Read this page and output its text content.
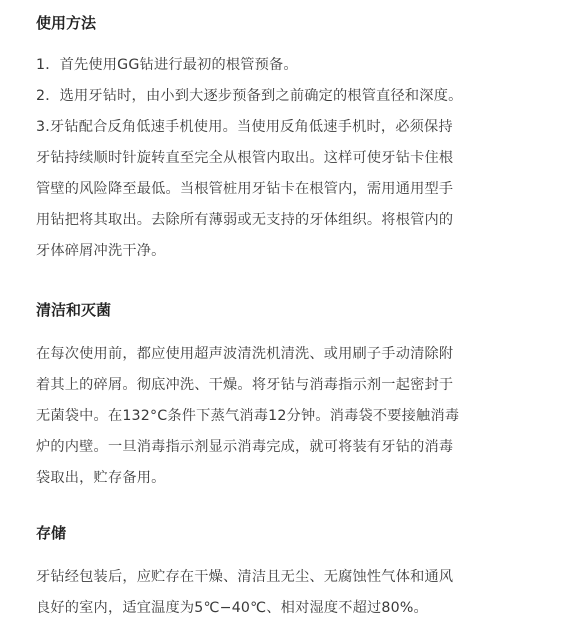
使用方法

1．首先使用GG钻进行最初的根管预备。

2．选用牙钻时，由小到大逐步预备到之前确定的根管直径和深度。

3.牙钻配合反角低速手机使用。当使用反角低速手机时，必须保持

牙钻持续顺时针旋转直至完全从根管内取出。这样可使牙钻卡住根

管壁的风险降至最低。当根管桩用牙钻卡在根管内，需用通用型手

用钻把将其取出。去除所有薄弱或无支持的牙体组织。将根管内的

牙体碎屑冲洗干净。

清洁和灭菌

在每次使用前，都应使用超声波清洗机清洗、或用刷子手动清除附

着其上的碎屑。彻底冲洗、干燥。将牙钻与消毒指示剂一起密封于

无菌袋中。在132°C条件下蒸气消毒12分钟。消毒袋不要接触消毒

炉的内壁。一旦消毒指示剂显示消毒完成，就可将装有牙钻的消毒

袋取出，贮存备用。

存储

牙钻经包装后，应贮存在干燥、清洁且无尘、无腐蚀性气体和通风

良好的室内，适宜温度为5℃−40℃、相对湿度不超过80%。
